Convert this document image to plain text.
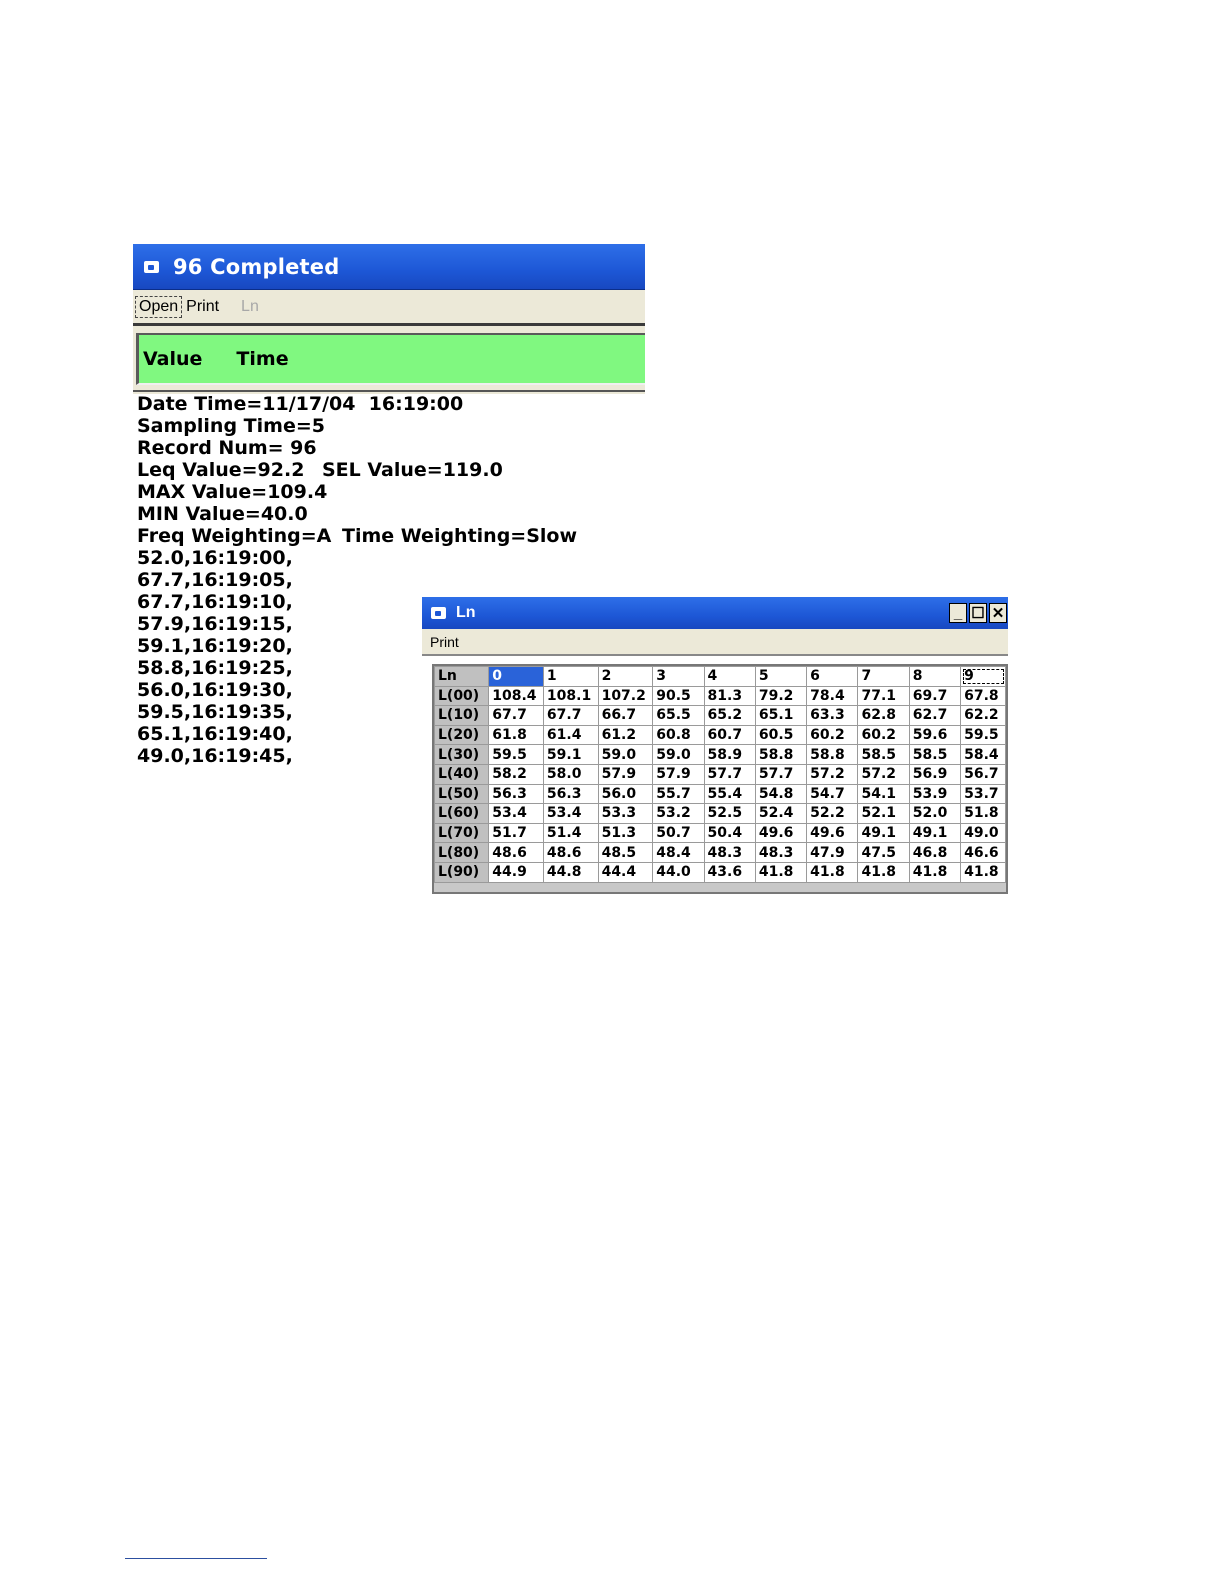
96 Completed
Open Print Ln
Value Time
Date Time=11/17/04  16:19:00
Sampling Time=5
Record Num= 96
Leq Value=92.2 SEL Value=119.0
MAX Value=109.4
MIN Value=40.0
Freq Weighting=A Time Weighting=Slow
52.0,16:19:00,
67.7,16:19:05,
67.7,16:19:10,
57.9,16:19:15,
59.1,16:19:20,
58.8,16:19:25,
56.0,16:19:30,
59.5,16:19:35,
65.1,16:19:40,
49.0,16:19:45,
Ln	_ ☐ ✕
Print
Ln	0	1	2	3	4	5	6	7	8	9
L(00)	108.4	108.1	107.2	90.5	81.3	79.2	78.4	77.1	69.7	67.8
L(10)	67.7	67.7	66.7	65.5	65.2	65.1	63.3	62.8	62.7	62.2
L(20)	61.8	61.4	61.2	60.8	60.7	60.5	60.2	60.2	59.6	59.5
L(30)	59.5	59.1	59.0	59.0	58.9	58.8	58.8	58.5	58.5	58.4
L(40)	58.2	58.0	57.9	57.9	57.7	57.7	57.2	57.2	56.9	56.7
L(50)	56.3	56.3	56.0	55.7	55.4	54.8	54.7	54.1	53.9	53.7
L(60)	53.4	53.4	53.3	53.2	52.5	52.4	52.2	52.1	52.0	51.8
L(70)	51.7	51.4	51.3	50.7	50.4	49.6	49.6	49.1	49.1	49.0
L(80)	48.6	48.6	48.5	48.4	48.3	48.3	47.9	47.5	46.8	46.6
L(90)	44.9	44.8	44.4	44.0	43.6	41.8	41.8	41.8	41.8	41.8
